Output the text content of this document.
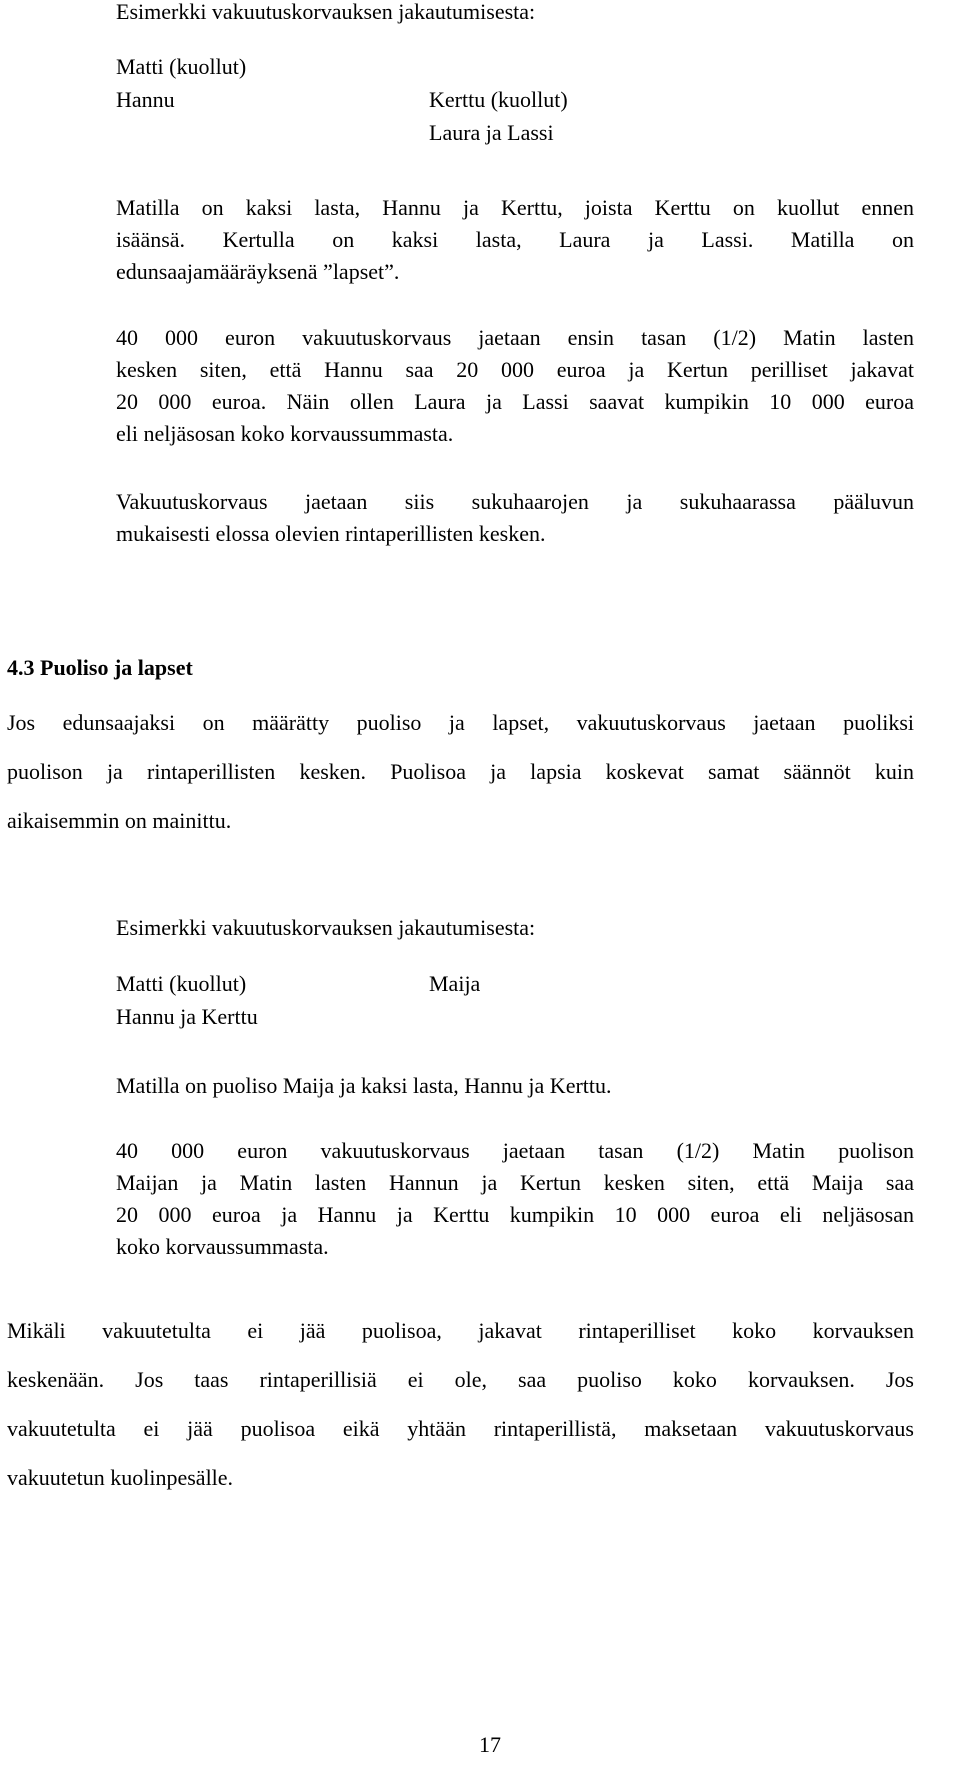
Esimerkki vakuutuskorvauksen jakautumisesta:
Matti (kuollut)
Hannu	Kerttu (kuollut)
Laura ja Lassi
Matilla on kaksi lasta, Hannu ja Kerttu, joista Kerttu on kuollut ennen
isäänsä. Kertulla on kaksi lasta, Laura ja Lassi. Matilla on
edunsaajamääräyksenä ”lapset”.
40 000 euron vakuutuskorvaus jaetaan ensin tasan (1/2) Matin lasten
kesken siten, että Hannu saa 20 000 euroa ja Kertun perilliset jakavat
20 000 euroa. Näin ollen Laura ja Lassi saavat kumpikin 10 000 euroa
eli neljäsosan koko korvaussummasta.
Vakuutuskorvaus jaetaan siis sukuhaarojen ja sukuhaarassa pääluvun
mukaisesti elossa olevien rintaperillisten kesken.
4.3 Puoliso ja lapset
Jos edunsaajaksi on määrätty puoliso ja lapset, vakuutuskorvaus jaetaan puoliksi
puolison ja rintaperillisten kesken. Puolisoa ja lapsia koskevat samat säännöt kuin
aikaisemmin on mainittu.
Esimerkki vakuutuskorvauksen jakautumisesta:
Matti (kuollut)	Maija
Hannu ja Kerttu
Matilla on puoliso Maija ja kaksi lasta, Hannu ja Kerttu.
40 000 euron vakuutuskorvaus jaetaan tasan (1/2) Matin puolison
Maijan ja Matin lasten Hannun ja Kertun kesken siten, että Maija saa
20 000 euroa ja Hannu ja Kerttu kumpikin 10 000 euroa eli neljäsosan
koko korvaussummasta.
Mikäli vakuutetulta ei jää puolisoa, jakavat rintaperilliset koko korvauksen
keskenään. Jos taas rintaperillisiä ei ole, saa puoliso koko korvauksen. Jos
vakuutetulta ei jää puolisoa eikä yhtään rintaperillistä, maksetaan vakuutuskorvaus
vakuutetun kuolinpesälle.
17
